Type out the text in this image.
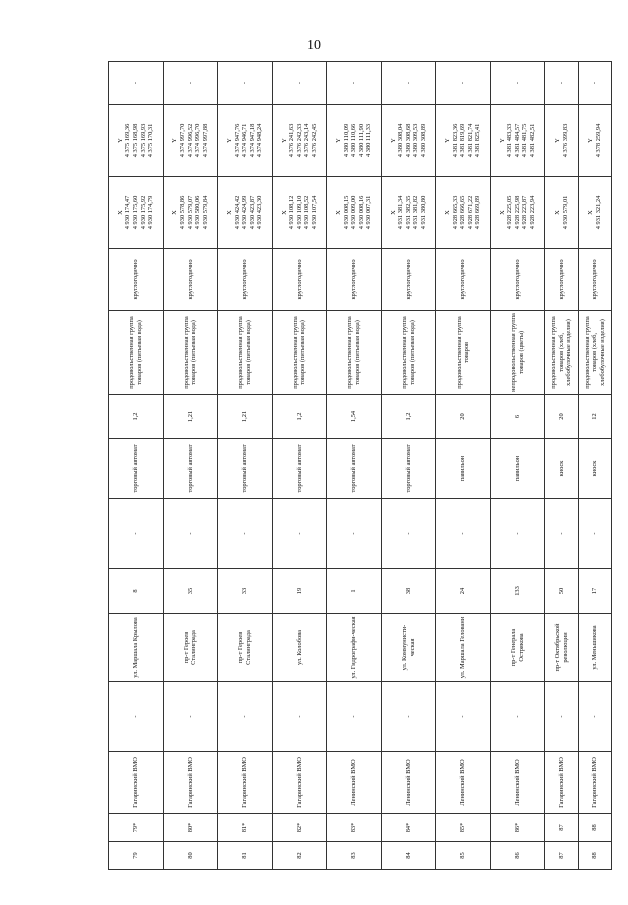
10
79	79*	Гагаринский ВМО	-	ул. Маршала Крылова	8	-	торговый автомат	1,2	продовольственная группа товаров (питьевая вода)	круглогодично	Х 4 930 174,47 4 930 175,60 4 930 175,92 4 930 174,79	Y 4 375 169,36 4 375 168,98 4 375 169,93 4 375 170,31	-
80	80*	Гагаринский ВМО	-	пр-т Героев Сталинграда	35	-	торговый автомат	1,21	продовольственная группа товаров (питьевая вода)	круглогодично	Х 4 930 578,86 4 930 579,07 4 930 580,06 4 930 579,84	Y 4 374 997,70 4 374 996,52 4 374 996,70 4 374 997,88	-
81	81*	Гагаринский ВМО	-	пр-т Героев Сталинграда	33	-	торговый автомат	1,21	продовольственная группа товаров (питьевая вода)	круглогодично	Х 4 930 424,42 4 930 424,99 4 930 423,87 4 930 423,30	Y 4 374 947,76 4 374 946,71 4 374 947,18 4 374 948,24	-
82	82*	Гагаринский ВМО	-	ул. Колобова	19	-	торговый автомат	1,2	продовольственная группа товаров (питьевая вода)	круглогодично	Х 4 930 108,12 4 930 109,10 4 930 108,52 4 930 107,54	Y 4 376 241,63 4 376 242,33 4 376 243,14 4 376 242,45	-
83	83*	Ленинский ВМО	-	ул. Гидрографи-ческая	1	-	торговый автомат	1,54	продовольственная группа товаров (питьевая вода)	круглогодично	Х 4 930 008,15 4 930 009,00 4 930 008,16 4 930 007,31	Y 4 380 110,09 4 380 110,66 4 380 111,90 4 380 111,33	-
84	84*	Ленинский ВМО	-	ул. Коммунисти-ческая	38	-	торговый автомат	1,2	продовольственная группа товаров (питьевая вода)	круглогодично	Х 4 931 381,34 4 931 382,35 4 931 381,82 4 931 380,80	Y 4 380 308,04 4 380 308,68 4 380 309,53 4 380 308,89	-
85	85*	Ленинский ВМО	-	ул. Маршала Геловани	24	-	павильон	20	продовольственная группа товаров	круглогодично	Х 4 928 665,33 4 928 666,65 4 928 671,22 4 928 669,89	Y 4 381 823,36 4 381 819,69 4 381 821,74 4 381 825,41	-
86	86*	Ленинский ВМО	-	пр-т Генерала Острякова	133	-	павильон	6	непродовольственная группа товаров (цветы)	круглогодично	Х 4 928 225,05 4 928 225,98 4 928 223,87 4 928 223,94	Y 4 381 483,33 4 381 484,57 4 381 481,75 4 381 482,51	-
87	87	Гагаринский ВМО	-	пр-т Октябрьской революции	50	-	киоск	20	продовольственная группа товаров (хлеб, хлебобулочные изделия)	круглогодично	Х 4 930 579,01	Y 4 376 399,83	-
88	88	Гагаринский ВМО	-	ул. Меньшикова	17	-	киоск	12	продовольственная группа товаров (хлеб, хлебобулочные изделия)	круглогодично	Х 4 931 321,24	Y 4 378 259,94	-
